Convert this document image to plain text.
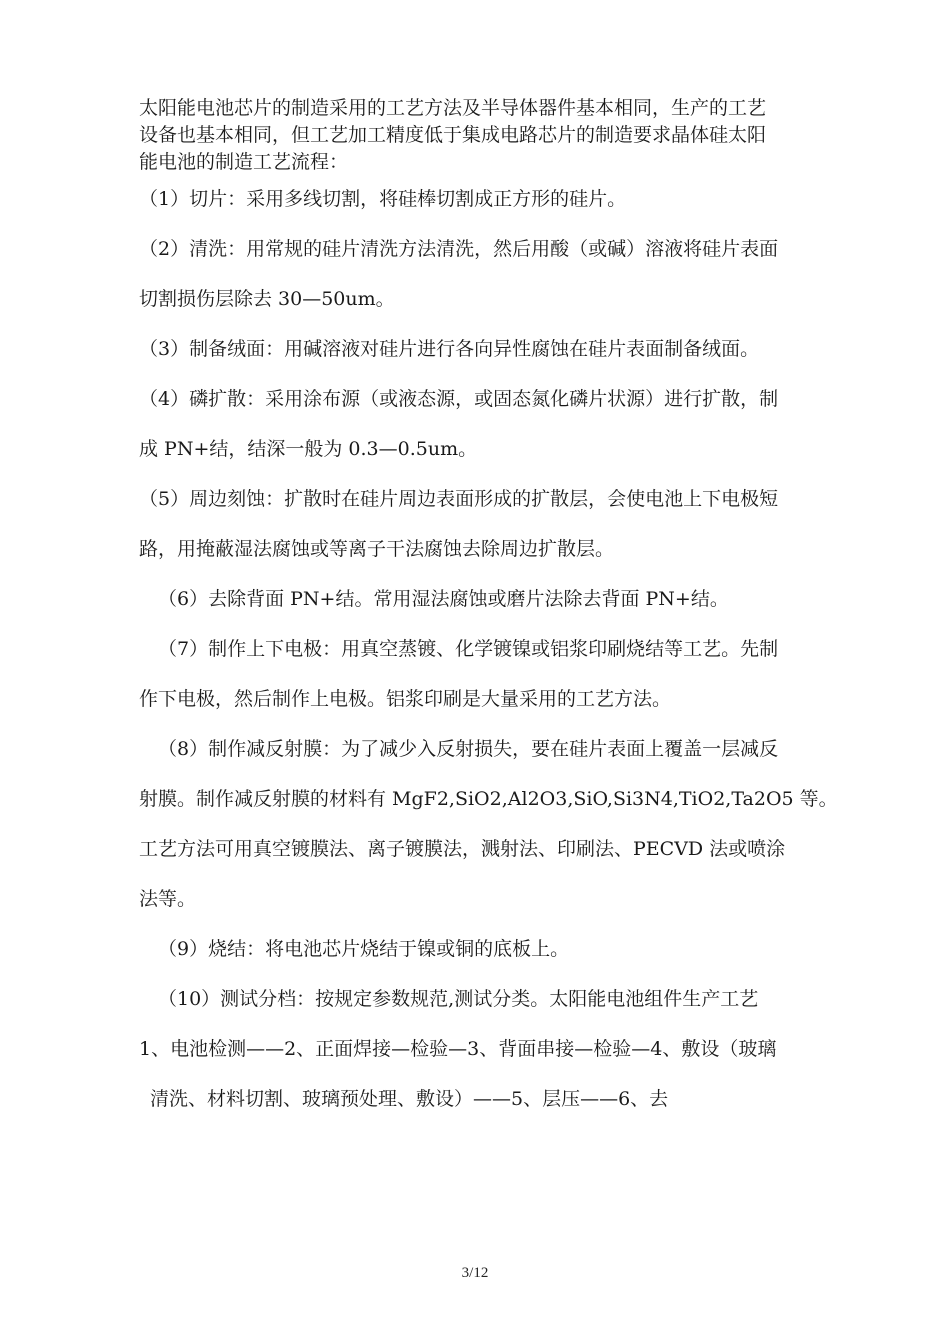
太阳能电池芯片的制造采用的工艺方法及半导体器件基本相同，生产的工艺
设备也基本相同，但工艺加工精度低于集成电路芯片的制造要求晶体硅太阳
能电池的制造工艺流程：

（1）切片：采用多线切割，将硅棒切割成正方形的硅片。
（2）清洗：用常规的硅片清洗方法清洗，然后用酸（或碱）溶液将硅片表面
切割损伤层除去 30—50um。
（3）制备绒面：用碱溶液对硅片进行各向异性腐蚀在硅片表面制备绒面。
（4）磷扩散：采用涂布源（或液态源，或固态氮化磷片状源）进行扩散，制
成 PN+结，结深一般为 0.3—0.5um。
（5）周边刻蚀：扩散时在硅片周边表面形成的扩散层，会使电池上下电极短
路，用掩蔽湿法腐蚀或等离子干法腐蚀去除周边扩散层。
（6）去除背面 PN+结。常用湿法腐蚀或磨片法除去背面 PN+结。
（7）制作上下电极：用真空蒸镀、化学镀镍或铝浆印刷烧结等工艺。先制
作下电极，然后制作上电极。铝浆印刷是大量采用的工艺方法。
（8）制作减反射膜：为了减少入反射损失，要在硅片表面上覆盖一层减反
射膜。制作减反射膜的材料有 MgF2,SiO2,Al2O3,SiO,Si3N4,TiO2,Ta2O5 等。
工艺方法可用真空镀膜法、离子镀膜法，溅射法、印刷法、PECVD 法或喷涂
法等。
（9）烧结：将电池芯片烧结于镍或铜的底板上。
（10）测试分档：按规定参数规范,测试分类。太阳能电池组件生产工艺
1、电池检测——2、正面焊接—检验—3、背面串接—检验—4、敷设（玻璃
清洗、材料切割、玻璃预处理、敷设）——5、层压——6、去
3/12
